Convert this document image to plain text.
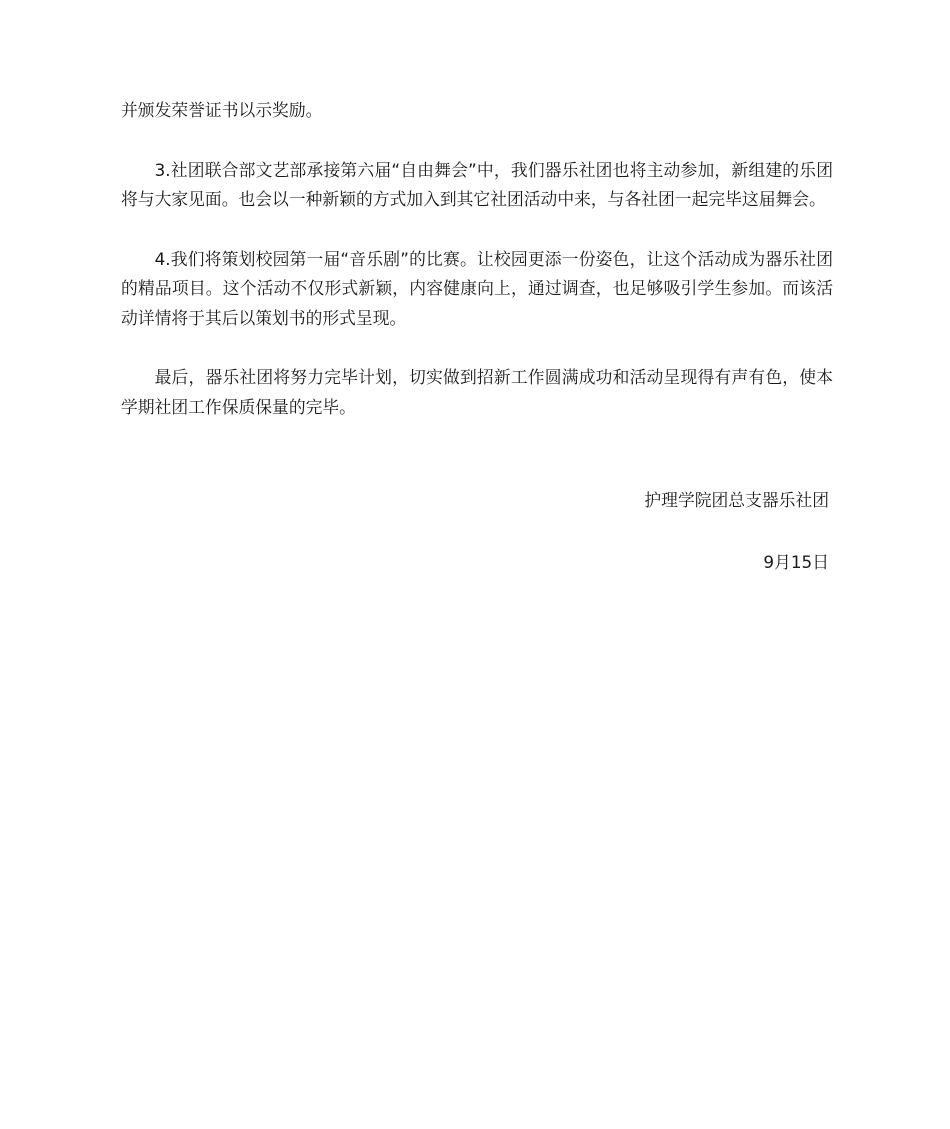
并颁发荣誉证书以示奖励。

3.社团联合部文艺部承接第六届“自由舞会”中，我们器乐社团也将主动参加，新组建的乐团将与大家见面。也会以一种新颖的方式加入到其它社团活动中来，与各社团一起完毕这届舞会。

4.我们将策划校园第一届“音乐剧”的比赛。让校园更添一份姿色，让这个活动成为器乐社团的精品项目。这个活动不仅形式新颖，内容健康向上，通过调查，也足够吸引学生参加。而该活动详情将于其后以策划书的形式呈现。

最后，器乐社团将努力完毕计划，切实做到招新工作圆满成功和活动呈现得有声有色，使本学期社团工作保质保量的完毕。

护理学院团总支器乐社团
9月15日
